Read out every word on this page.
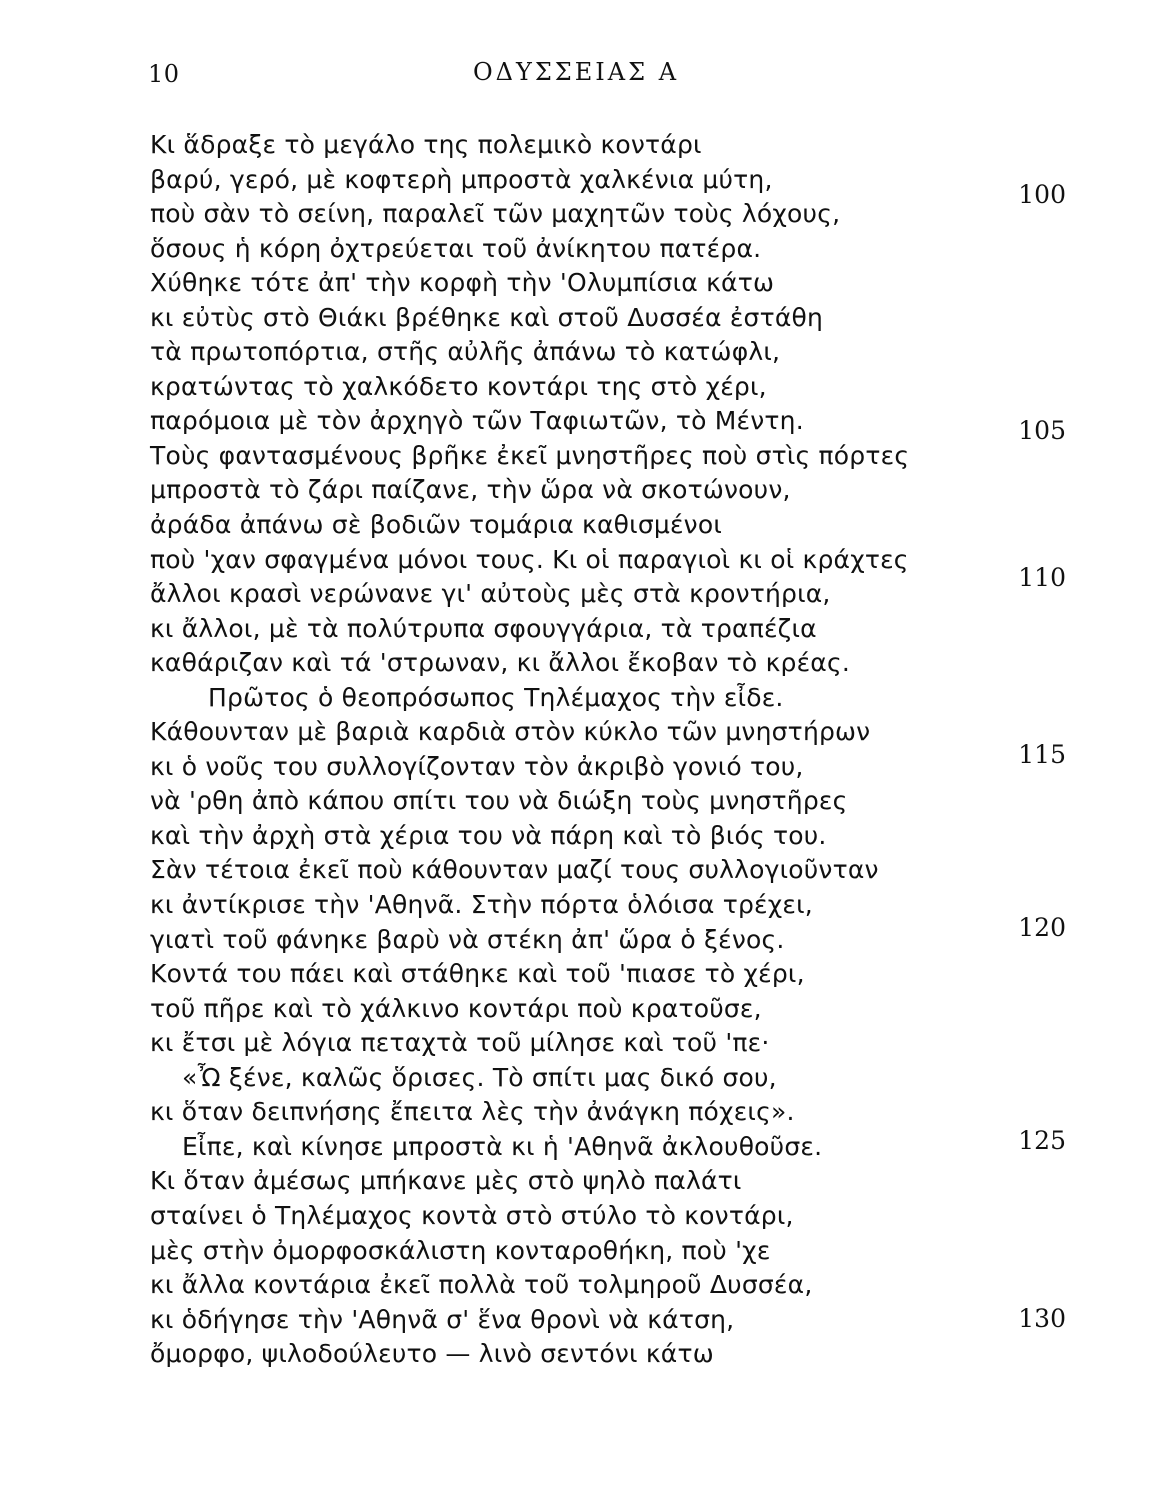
10	ΟΔΥΣΣΕΙΑΣ Α
Κι ἅδραξε τὸ μεγάλο της πολεμικὸ κοντάρι
βαρύ, γερό, μὲ κοφτερὴ μπροστὰ χαλκένια μύτη,
ποὺ σὰν τὸ σείνη, παραλεῖ τῶν μαχητῶν τοὺς λόχους,
ὅσους ἡ κόρη ὀχτρεύεται τοῦ ἀνίκητου πατέρα.
Χύθηκε τότε ἀπ' τὴν κορφὴ τὴν 'Ολυμπίσια κάτω
κι εὐτὺς στὸ Θιάκι βρέθηκε καὶ στοῦ Δυσσέα ἐστάθη
τὰ πρωτοπόρτια, στῆς αὐλῆς ἀπάνω τὸ κατώφλι,
κρατώντας τὸ χαλκόδετο κοντάρι της στὸ χέρι,
παρόμοια μὲ τὸν ἀρχηγὸ τῶν Ταφιωτῶν, τὸ Μέντη.
Τοὺς φαντασμένους βρῆκε ἐκεῖ μνηστῆρες ποὺ στὶς πόρτες
μπροστὰ τὸ ζάρι παίζανε, τὴν ὥρα νὰ σκοτώνουν,
ἀράδα ἀπάνω σὲ βοδιῶν τομάρια καθισμένοι
ποὺ 'χαν σφαγμένα μόνοι τους. Κι οἱ παραγιοὶ κι οἱ κράχτες
ἄλλοι κρασὶ νερώνανε γι' αὐτοὺς μὲς στὰ κροντήρια,
κι ἄλλοι, μὲ τὰ πολύτρυπα σφουγγάρια, τὰ τραπέζια
καθάριζαν καὶ τά 'στρωναν, κι ἄλλοι ἔκοβαν τὸ κρέας.
Πρῶτος ὁ θεοπρόσωπος Τηλέμαχος τὴν εἶδε.
Κάθουνταν μὲ βαριὰ καρδιὰ στὸν κύκλο τῶν μνηστήρων
κι ὁ νοῦς του συλλογίζονταν τὸν ἀκριβὸ γονιό του,
νὰ 'ρθη ἀπὸ κάπου σπίτι του νὰ διώξη τοὺς μνηστῆρες
καὶ τὴν ἀρχὴ στὰ χέρια του νὰ πάρη καὶ τὸ βιός του.
Σὰν τέτοια ἐκεῖ ποὺ κάθουνταν μαζί τους συλλογιοῦνταν
κι ἀντίκρισε τὴν 'Αθηνᾶ. Στὴν πόρτα ὁλόισα τρέχει,
γιατὶ τοῦ φάνηκε βαρὺ νὰ στέκη ἀπ' ὥρα ὁ ξένος.
Κοντά του πάει καὶ στάθηκε καὶ τοῦ 'πιασε τὸ χέρι,
τοῦ πῆρε καὶ τὸ χάλκινο κοντάρι ποὺ κρατοῦσε,
κι ἔτσι μὲ λόγια πεταχτὰ τοῦ μίλησε καὶ τοῦ 'πε·
«Ὦ ξένε, καλῶς ὅρισες. Τὸ σπίτι μας δικό σου,
κι ὅταν δειπνήσης ἔπειτα λὲς τὴν ἀνάγκη πόχεις».
Εἶπε, καὶ κίνησε μπροστὰ κι ἡ 'Αθηνᾶ ἀκλουθοῦσε.
Κι ὅταν ἀμέσως μπήκανε μὲς στὸ ψηλὸ παλάτι
σταίνει ὁ Τηλέμαχος κοντὰ στὸ στύλο τὸ κοντάρι,
μὲς στὴν ὀμορφοσκάλιστη κονταροθήκη, ποὺ 'χε
κι ἄλλα κοντάρια ἐκεῖ πολλὰ τοῦ τολμηροῦ Δυσσέα,
κι ὁδήγησε τὴν 'Αθηνᾶ σ' ἕνα θρονὶ νὰ κάτση,
ὄμορφο, ψιλοδούλευτο — λινὸ σεντόνι κάτω
100
105
110
115
120
125
130
